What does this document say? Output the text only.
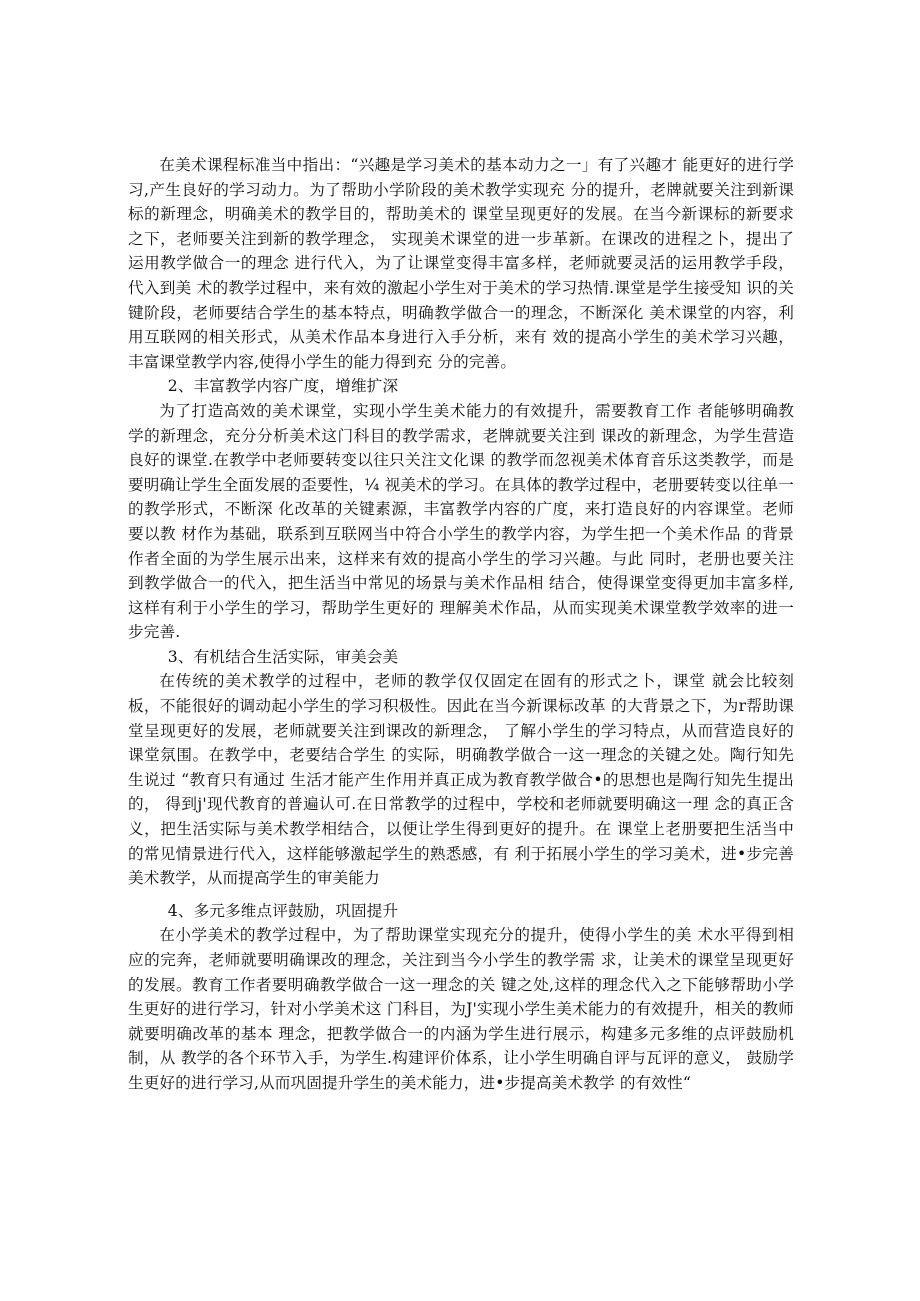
在美术课程标准当中指出：“兴趣是学习美术的基本动力之一」有了兴趣才 能更好的进行学习,产生良好的学习动力。为了帮助小学阶段的美术教学实现充 分的提升，老牌就要关注到新课标的新理念，明确美术的教学目的，帮助美术的 课堂呈现更好的发展。在当今新课标的新要求之下，老师要关注到新的教学理念， 实现美术课堂的进一步革新。在课改的进程之卜，提出了运用教学做合一的理念 进行代入，为了让课堂变得丰富多样，老师就要灵活的运用教学手段，代入到美 术的教学过程中，来有效的激起小学生对于美术的学习热情.课堂是学生接受知 识的关键阶段，老师要结合学生的基本特点，明确教学做合一的理念，不断深化 美术课堂的内容，利用互联网的相关形式，从美术作品本身进行入手分析，来有 效的提高小学生的美术学习兴趣，丰富课堂教学内容,使得小学生的能力得到充 分的完善。

2、丰富教学内容广度，增维扩深

为了打造高效的美术课堂，实现小学生美术能力的有效提升，需要教育工作 者能够明确教学的新理念，充分分析美术这门科目的教学需求，老牌就要关注到 课改的新理念，为学生营造良好的课堂.在教学中老师要转变以往只关注文化课 的教学而忽视美术体育音乐这类教学，而是要明确让学生全面发展的歪要性，¼ 视美术的学习。在具体的教学过程中，老册要转变以往单一的教学形式，不断深 化改革的关键素源，丰富教学内容的广度，来打造良好的内容课堂。老师要以教 材作为基础，联系到互联网当中符合小学生的教学内容，为学生把一个美术作品 的背景作者全面的为学生展示出来，这样来有效的提高小学生的学习兴趣。与此 同时，老册也要关注到教学做合一的代入，把生活当中常见的场景与美术作品相 结合，使得课堂变得更加丰富多样,这样有利于小学生的学习，帮助学生更好的 理解美术作品，从而实现美术课堂教学效率的进一步完善.

3、有机结合生活实际，审美会美

在传统的美术教学的过程中，老师的教学仅仅固定在固有的形式之卜，课堂 就会比较刻板，不能很好的调动起小学生的学习积极性。因此在当今新课标改革 的大背景之下，为r帮助课堂呈现更好的发展，老师就要关注到课改的新理念， 了解小学生的学习特点，从而营造良好的课堂氛围。在教学中，老要结合学生 的实际，明确教学做合一这一理念的关键之处。陶行知先生说过 “教育只有通过 生活才能产生作用并真正成为教育教学做合•的思想也是陶行知先生提出的， 得到j'现代教育的普遍认可.在日常教学的过程中，学校和老师就要明确这一理 念的真正含义，把生活实际与美术教学相结合，以便让学生得到更好的提升。在 课堂上老册要把生活当中的常见情景进行代入，这样能够激起学生的熟悉感，有 利于拓展小学生的学习美术，进•步完善美术教学，从而提高学生的审美能力

4、多元多维点评鼓励，巩固提升

在小学美术的教学过程中，为了帮助课堂实现充分的提升，使得小学生的美 术水平得到相应的完奔，老师就要明确课改的理念，关注到当今小学生的教学需 求，让美术的课堂呈现更好的发展。教育工作者要明确教学做合一这一理念的关 键之处,这样的理念代入之下能够帮助小学生更好的进行学习，针对小学美术这 门科目，为J'实现小学生美术能力的有效提升，相关的教师就要明确改革的基本 理念，把教学做合一的内涵为学生进行展示，构建多元多维的点评鼓励机制，从 教学的各个环节入手，为学生.构建评价体系，让小学生明确自评与瓦评的意义， 鼓励学生更好的进行学习,从而巩固提升学生的美术能力，进•步提高美术教学 的有效性“
